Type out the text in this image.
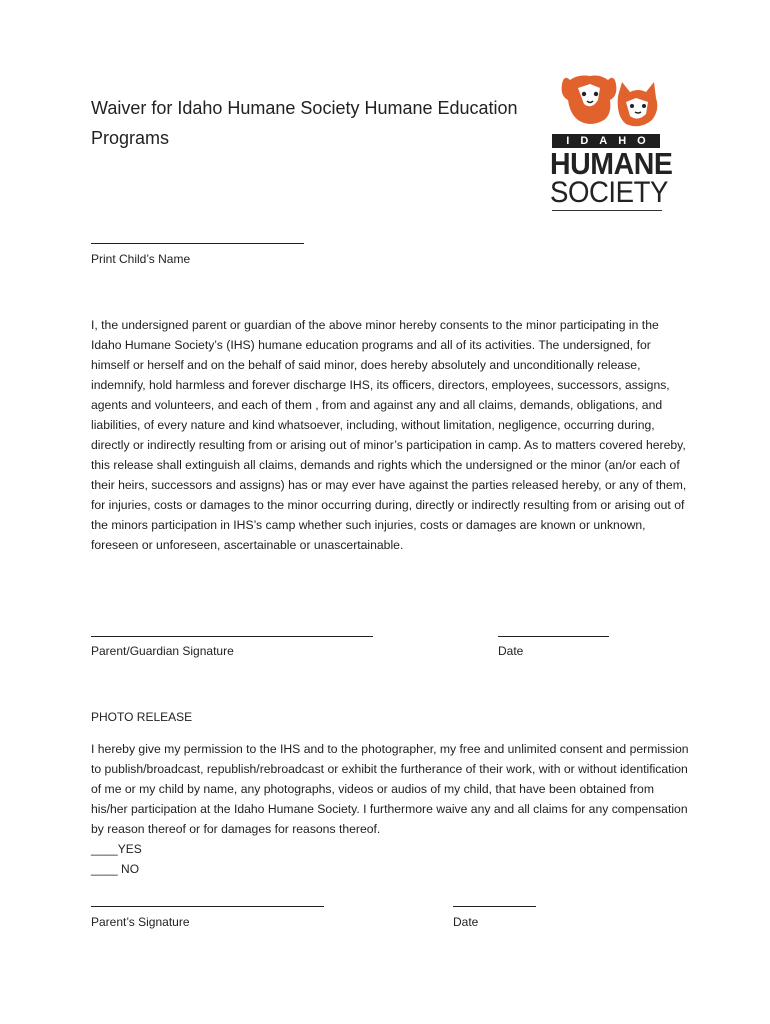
Waiver for Idaho Humane Society Humane Education Programs	IDAHO
HUMANE
SOCIETY
Print Child’s Name
I, the undersigned parent or guardian of the above minor hereby consents to the minor participating in the Idaho Humane Society’s (IHS) humane education programs and all of its activities. The undersigned, for himself or herself and on the behalf of said minor, does hereby absolutely and unconditionally release, indemnify, hold harmless and forever discharge IHS, its officers, directors, employees, successors, assigns, agents and volunteers, and each of them , from and against any and all claims, demands, obligations, and liabilities, of every nature and kind whatsoever, including, without limitation, negligence, occurring during, directly or indirectly resulting from or arising out of minor’s participation in camp. As to matters covered hereby, this release shall extinguish all claims, demands and rights which the undersigned or the minor (an/or each of their heirs, successors and assigns) has or may ever have against the parties released hereby, or any of them, for injuries, costs or damages to the minor occurring during, directly or indirectly resulting from or arising out of the minors participation in IHS’s camp whether such injuries, costs or damages are known or unknown, foreseen or unforeseen, ascertainable or unascertainable.
Parent/Guardian Signature	Date
PHOTO RELEASE
I hereby give my permission to the IHS and to the photographer, my free and unlimited consent and permission to publish/broadcast, republish/rebroadcast or exhibit the furtherance of their work, with or without identification of me or my child by name, any photographs, videos or audios of my child, that have been obtained from his/her participation at the Idaho Humane Society. I furthermore waive any and all claims for any compensation by reason thereof or for damages for reasons thereof.
____YES
____ NO
Parent’s Signature	Date
